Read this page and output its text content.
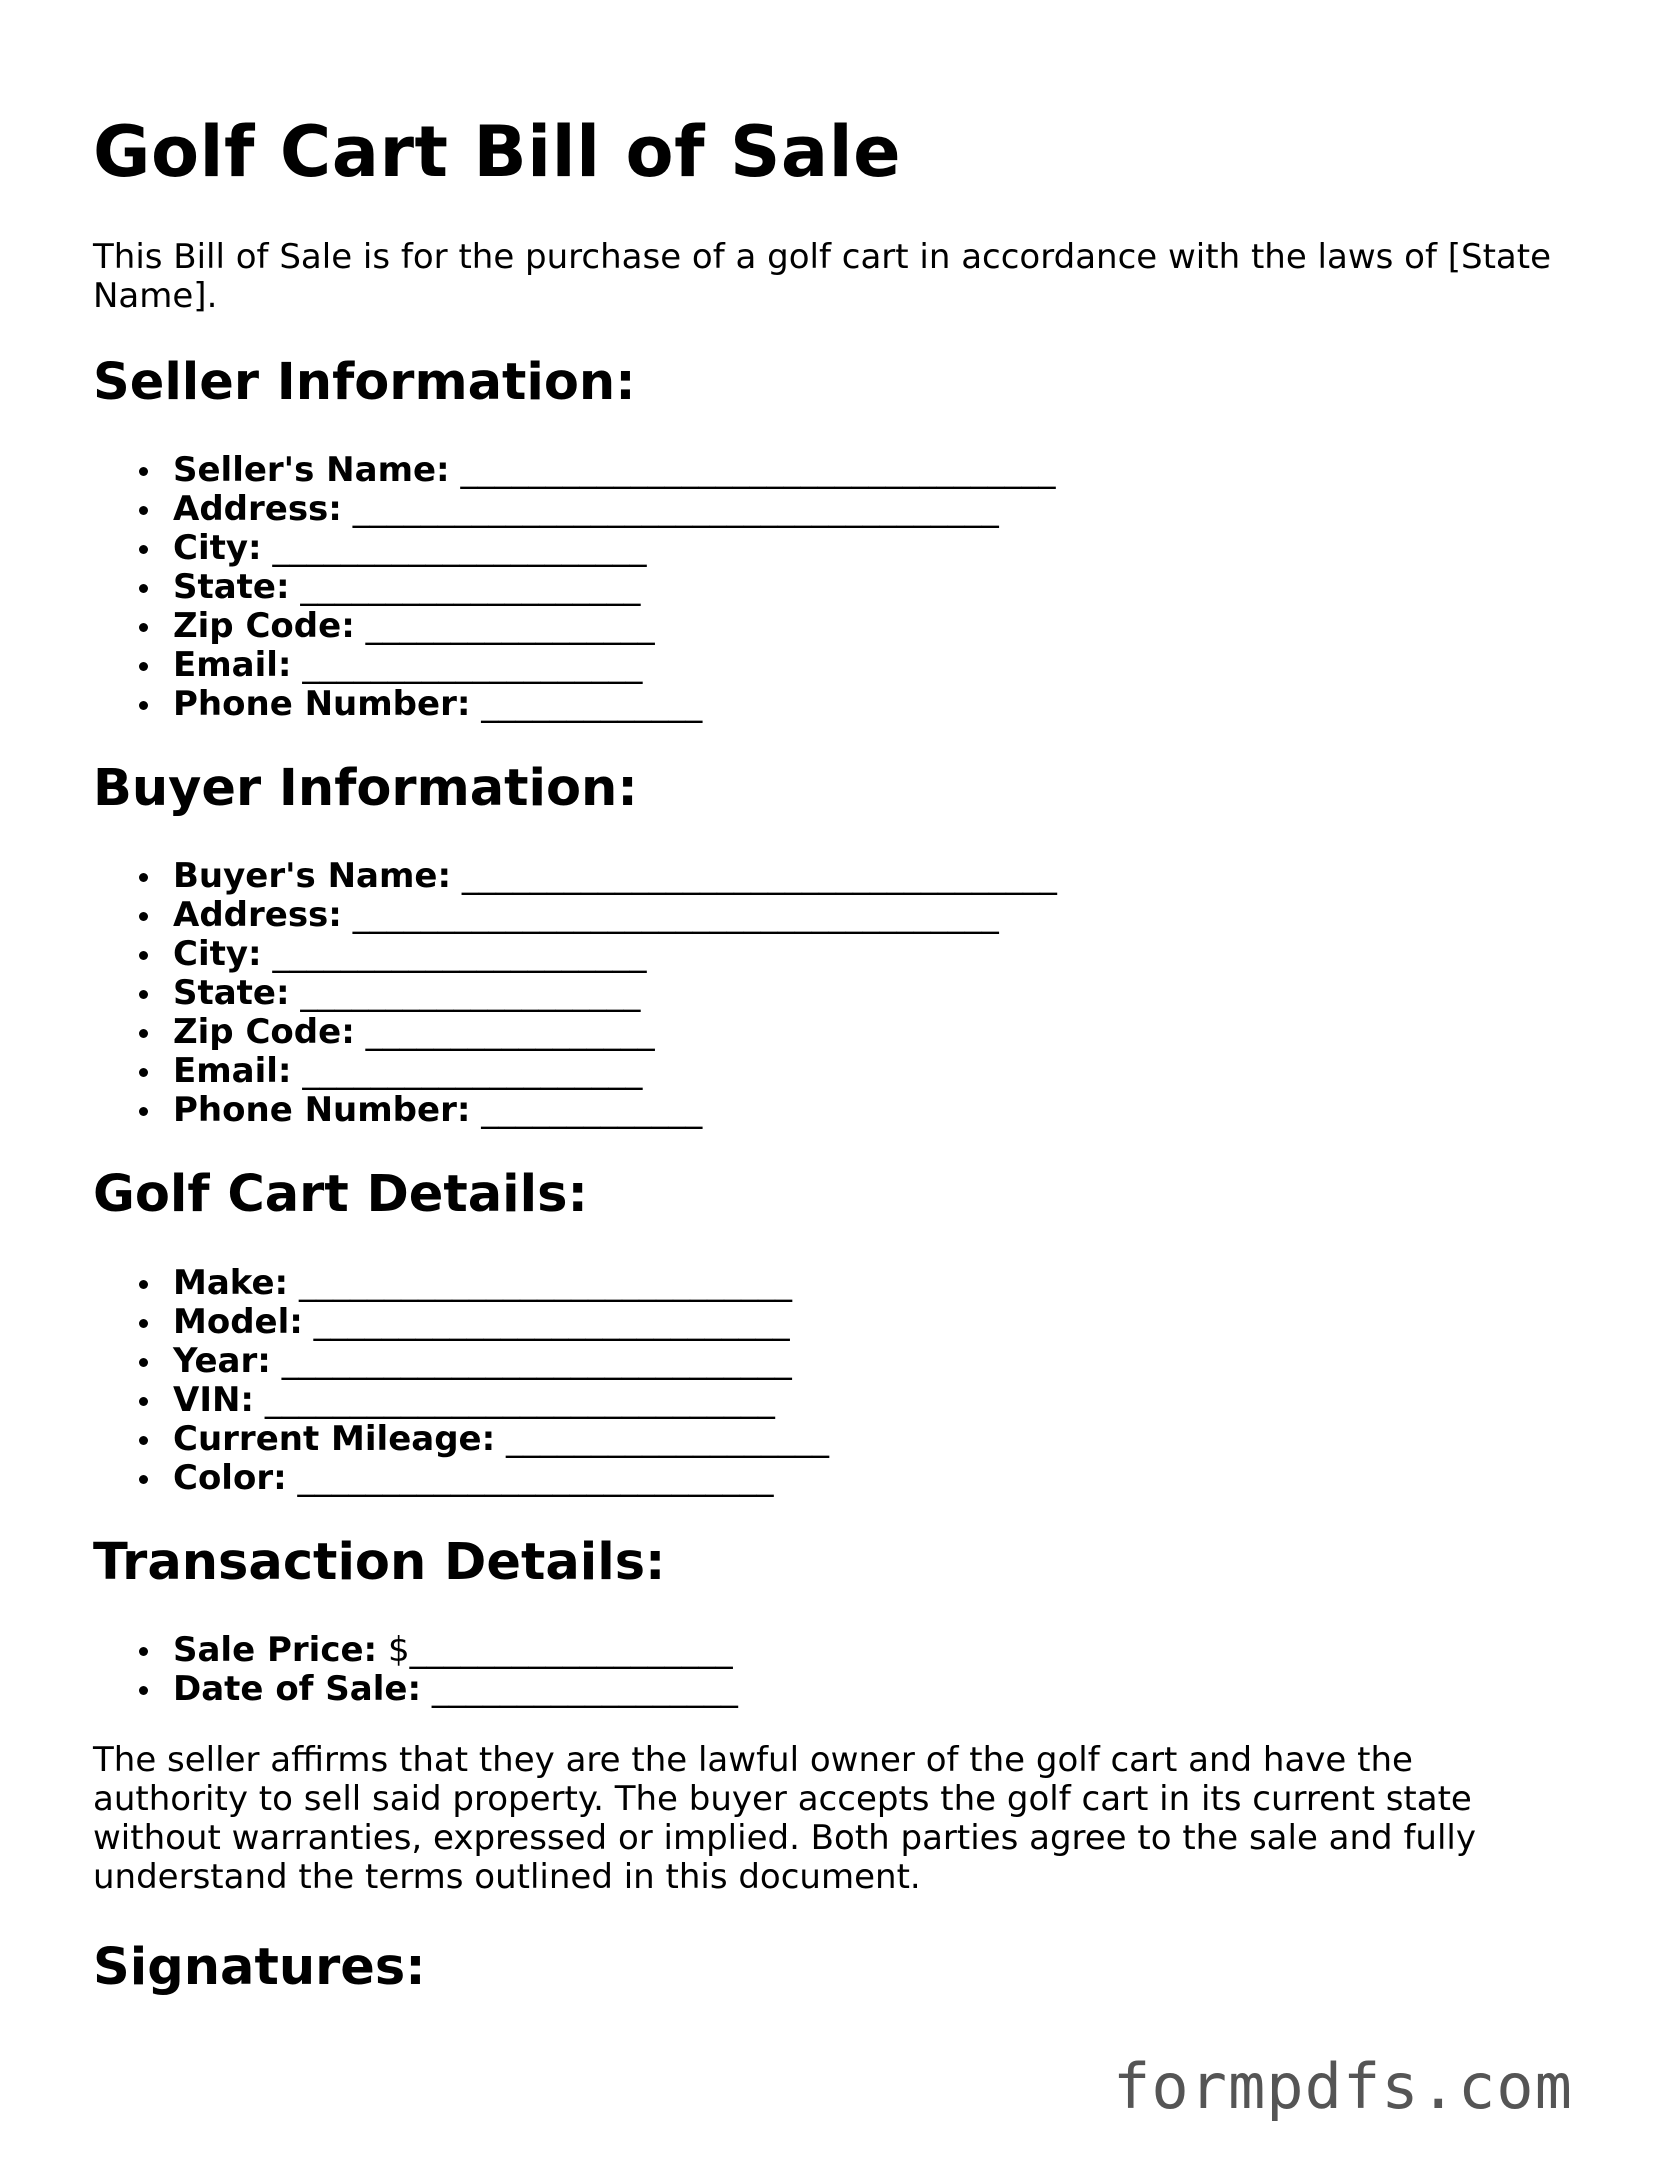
Golf Cart Bill of Sale

This Bill of Sale is for the purchase of a golf cart in accordance with the laws of [State Name].

Seller Information:
Seller's Name: ___________________________________
Address: ______________________________________
City: ______________________
State: ____________________
Zip Code: _________________
Email: ____________________
Phone Number: _____________
Buyer Information:
Buyer's Name: ___________________________________
Address: ______________________________________
City: ______________________
State: ____________________
Zip Code: _________________
Email: ____________________
Phone Number: _____________
Golf Cart Details:
Make: _____________________________
Model: ____________________________
Year: ______________________________
VIN: ______________________________
Current Mileage: ___________________
Color: ____________________________
Transaction Details:
Sale Price: $___________________
Date of Sale: __________________

The seller affirms that they are the lawful owner of the golf cart and have the authority to sell said property. The buyer accepts the golf cart in its current state without warranties, expressed or implied. Both parties agree to the sale and fully understand the terms outlined in this document.

Signatures:
formpdfs.com
